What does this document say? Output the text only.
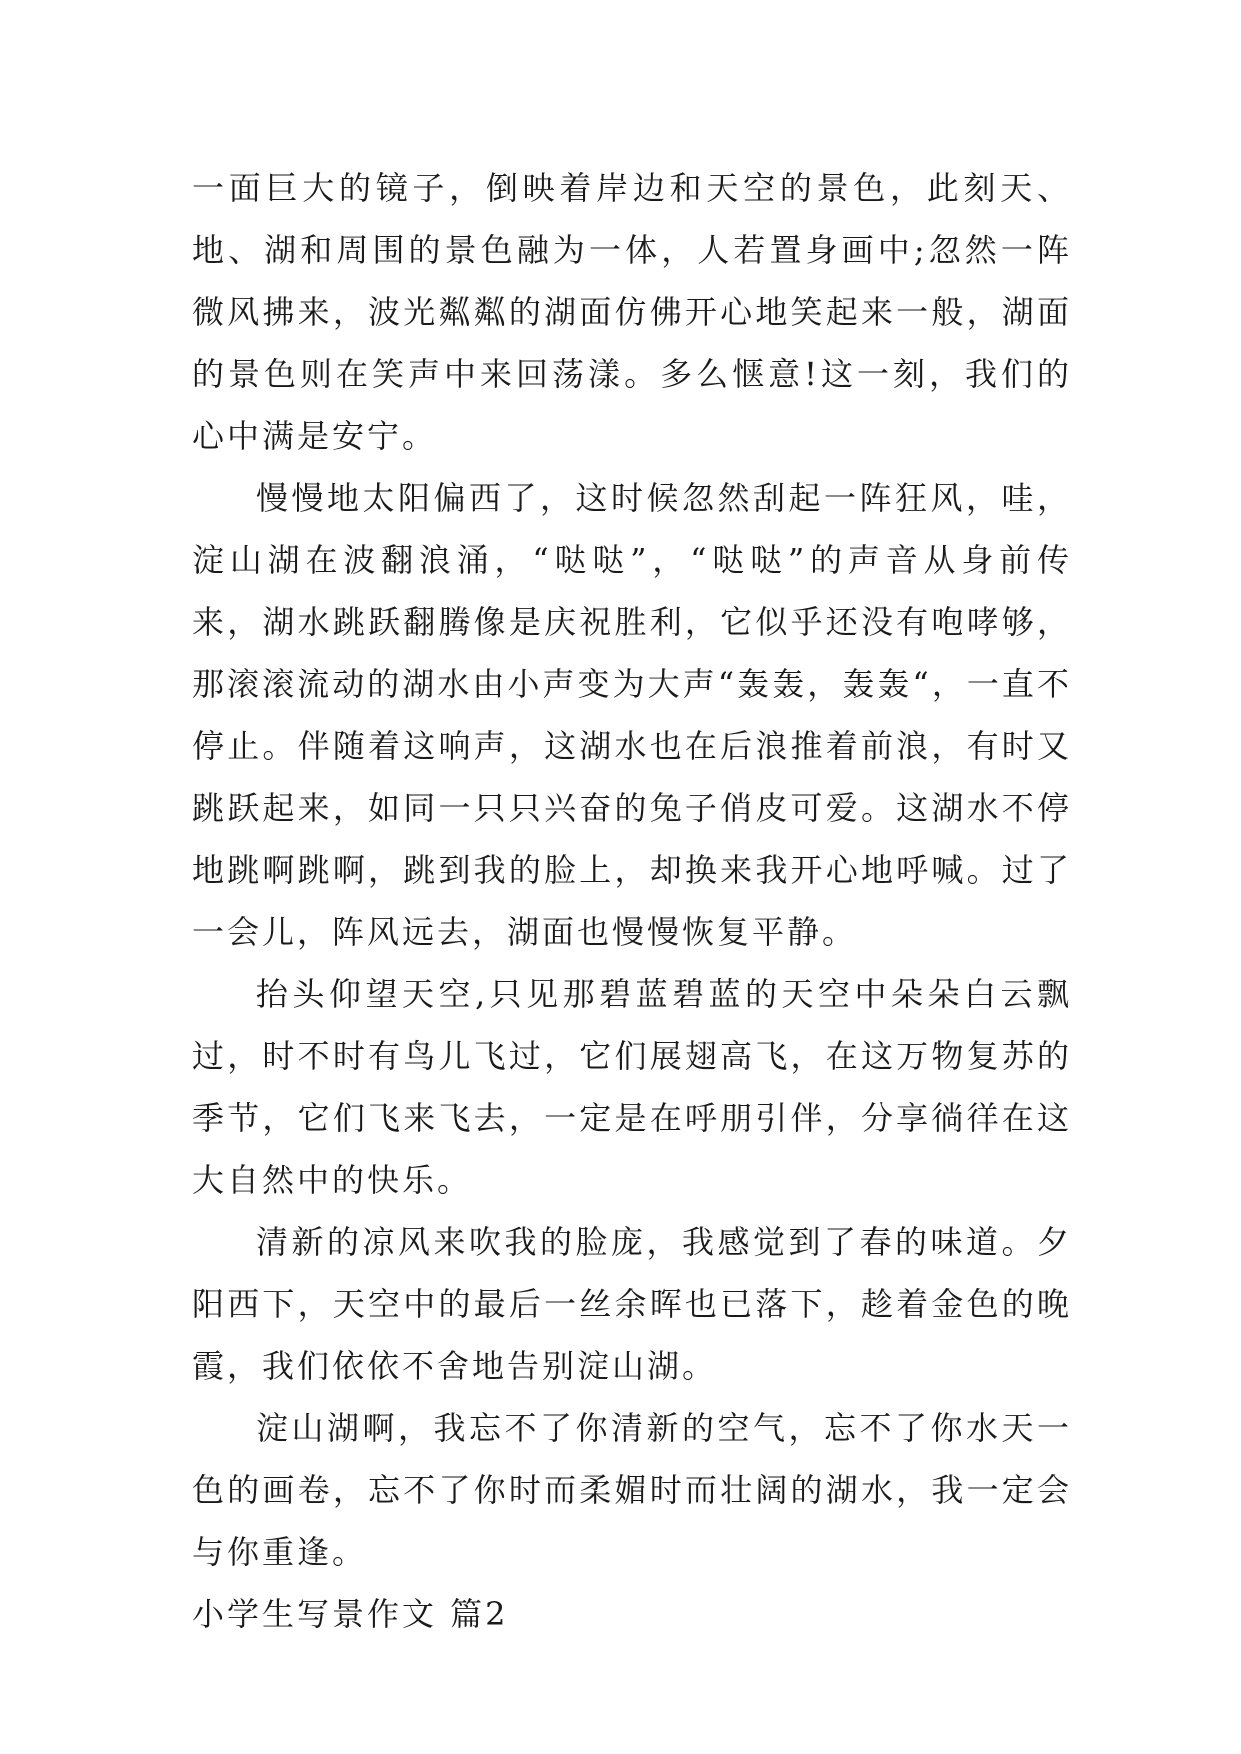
一面巨大的镜子，倒映着岸边和天空的景色，此刻天、地、湖和周围的景色融为一体，人若置身画中;忽然一阵微风拂来，波光粼粼的湖面仿佛开心地笑起来一般，湖面的景色则在笑声中来回荡漾。多么惬意!这一刻，我们的心中满是安宁。

慢慢地太阳偏西了，这时候忽然刮起一阵狂风，哇，淀山湖在波翻浪涌，“哒哒”，“哒哒”的声音从身前传来，湖水跳跃翻腾像是庆祝胜利，它似乎还没有咆哮够，那滚滚流动的湖水由小声变为大声“轰轰，轰轰“，一直不停止。伴随着这响声，这湖水也在后浪推着前浪，有时又跳跃起来，如同一只只兴奋的兔子俏皮可爱。这湖水不停地跳啊跳啊，跳到我的脸上，却换来我开心地呼喊。过了一会儿，阵风远去，湖面也慢慢恢复平静。

抬头仰望天空,只见那碧蓝碧蓝的天空中朵朵白云飘过，时不时有鸟儿飞过，它们展翅高飞，在这万物复苏的季节，它们飞来飞去，一定是在呼朋引伴，分享徜徉在这大自然中的快乐。

清新的凉风来吹我的脸庞，我感觉到了春的味道。夕阳西下，天空中的最后一丝余晖也已落下，趁着金色的晚霞，我们依依不舍地告别淀山湖。

淀山湖啊，我忘不了你清新的空气，忘不了你水天一色的画卷，忘不了你时而柔媚时而壮阔的湖水，我一定会与你重逢。

小学生写景作文 篇2
